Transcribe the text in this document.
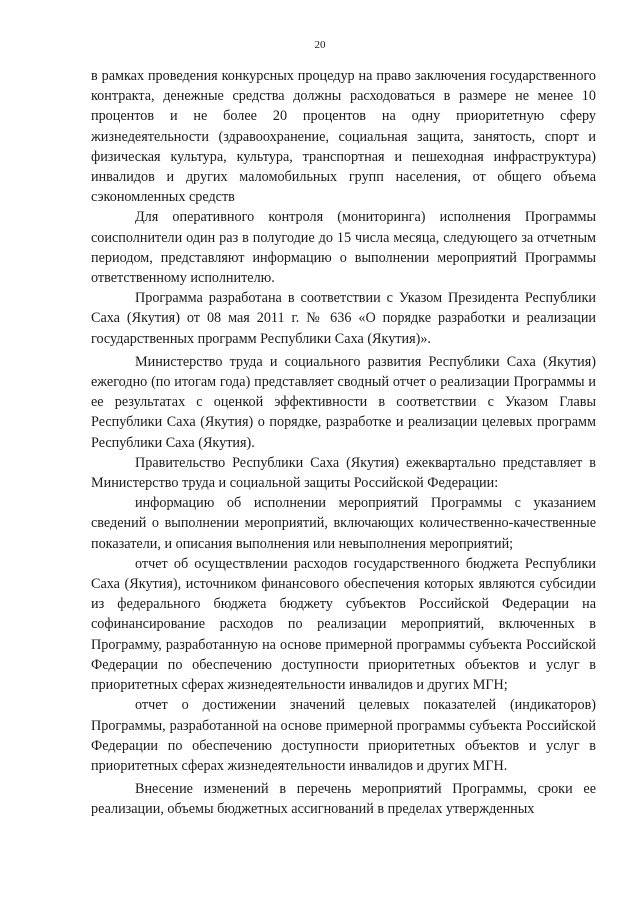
20

в рамках проведения конкурсных процедур на право заключения государственного контракта, денежные средства должны расходоваться в размере не менее 10 процентов и не более 20 процентов на одну приоритетную сферу жизнедеятельности (здравоохранение, социальная защита, занятость, спорт и физическая культура, культура, транспортная и пешеходная инфраструктура) инвалидов и других маломобильных групп населения, от общего объема сэкономленных средств

Для оперативного контроля (мониторинга) исполнения Программы соисполнители один раз в полугодие до 15 числа месяца, следующего за отчетным периодом, представляют информацию о выполнении мероприятий Программы ответственному исполнителю.

Программа разработана в соответствии с Указом Президента Республики Саха (Якутия) от 08 мая 2011 г. № 636 «О порядке разработки и реализации государственных программ Республики Саха (Якутия)».

Министерство труда и социального развития Республики Саха (Якутия) ежегодно (по итогам года) представляет сводный отчет о реализации Программы и ее результатах с оценкой эффективности в соответствии с Указом Главы Республики Саха (Якутия) о порядке, разработке и реализации целевых программ Республики Саха (Якутия).

Правительство Республики Саха (Якутия) ежеквартально представляет в Министерство труда и социальной защиты Российской Федерации:

информацию об исполнении мероприятий Программы с указанием сведений о выполнении мероприятий, включающих количественно-качественные показатели, и описания выполнения или невыполнения мероприятий;

отчет об осуществлении расходов государственного бюджета Республики Саха (Якутия), источником финансового обеспечения которых являются субсидии из федерального бюджета бюджету субъектов Российской Федерации на софинансирование расходов по реализации мероприятий, включенных в Программу, разработанную на основе примерной программы субъекта Российской Федерации по обеспечению доступности приоритетных объектов и услуг в приоритетных сферах жизнедеятельности инвалидов и других МГН;

отчет о достижении значений целевых показателей (индикаторов) Программы, разработанной на основе примерной программы субъекта Российской Федерации по обеспечению доступности приоритетных объектов и услуг в приоритетных сферах жизнедеятельности инвалидов и других МГН.

Внесение изменений в перечень мероприятий Программы, сроки ее реализации, объемы бюджетных ассигнований в пределах утвержденных
